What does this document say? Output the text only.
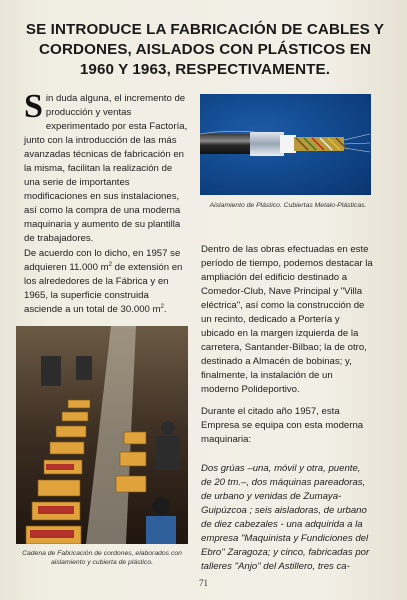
SE INTRODUCE LA FABRICACIÓN DE CABLES Y CORDONES, AISLADOS CON PLÁSTICOS EN 1960 Y 1963, RESPECTIVAMENTE.
Sin duda alguna, el incremento de producción y ventas experimentado por esta Factoría, junto con la introducción de las más avanzadas técnicas de fabricación en la misma, facilitan la realización de una serie de importantes modificaciones en sus instalaciones, así como la compra de una moderna maquinaria y aumento de su plantilla de trabajadores.
De acuerdo con lo dicho, en 1957 se adquieren 11.000 $m^2$ de extensión en los alrededores de la Fábrica y en 1965, la superficie construida asciende a un total de 30.000 $m^2$.
Aislamiento de Plástico. Cubiertas Metalo-Plásticas.
Dentro de las obras efectuadas en este período de tiempo, podemos destacar la ampliación del edificio destinado a Comedor-Club, Nave Principal y "Villa eléctrica", así como la construcción de un recinto, dedicado a Portería y ubicado en la margen izquierda de la carretera, Santander-Bilbao; la de otro, destinado a Almacén de bobinas; y, finalmente, la instalación de un moderno Polideportivo.
Durante el citado año 1957, esta Empresa se equipa con esta moderna maquinaria:
Dos grúas –una, móvil y otra, puente, de 20 tm.–, dos máquinas pareadoras, de urbano y venidas de Zumaya-Guipúzcoa ; seis aisladoras, de urbano de diez cabezales - una adquirida a la empresa "Maquinista y Fundiciones del Ebro" Zaragoza; y cinco, fabricadas por talleres "Anjo" del Astillero, tres ca-
Cadena de Fabricación de cordones, elaborados con aislamiento y cubierta de plástico.
71
